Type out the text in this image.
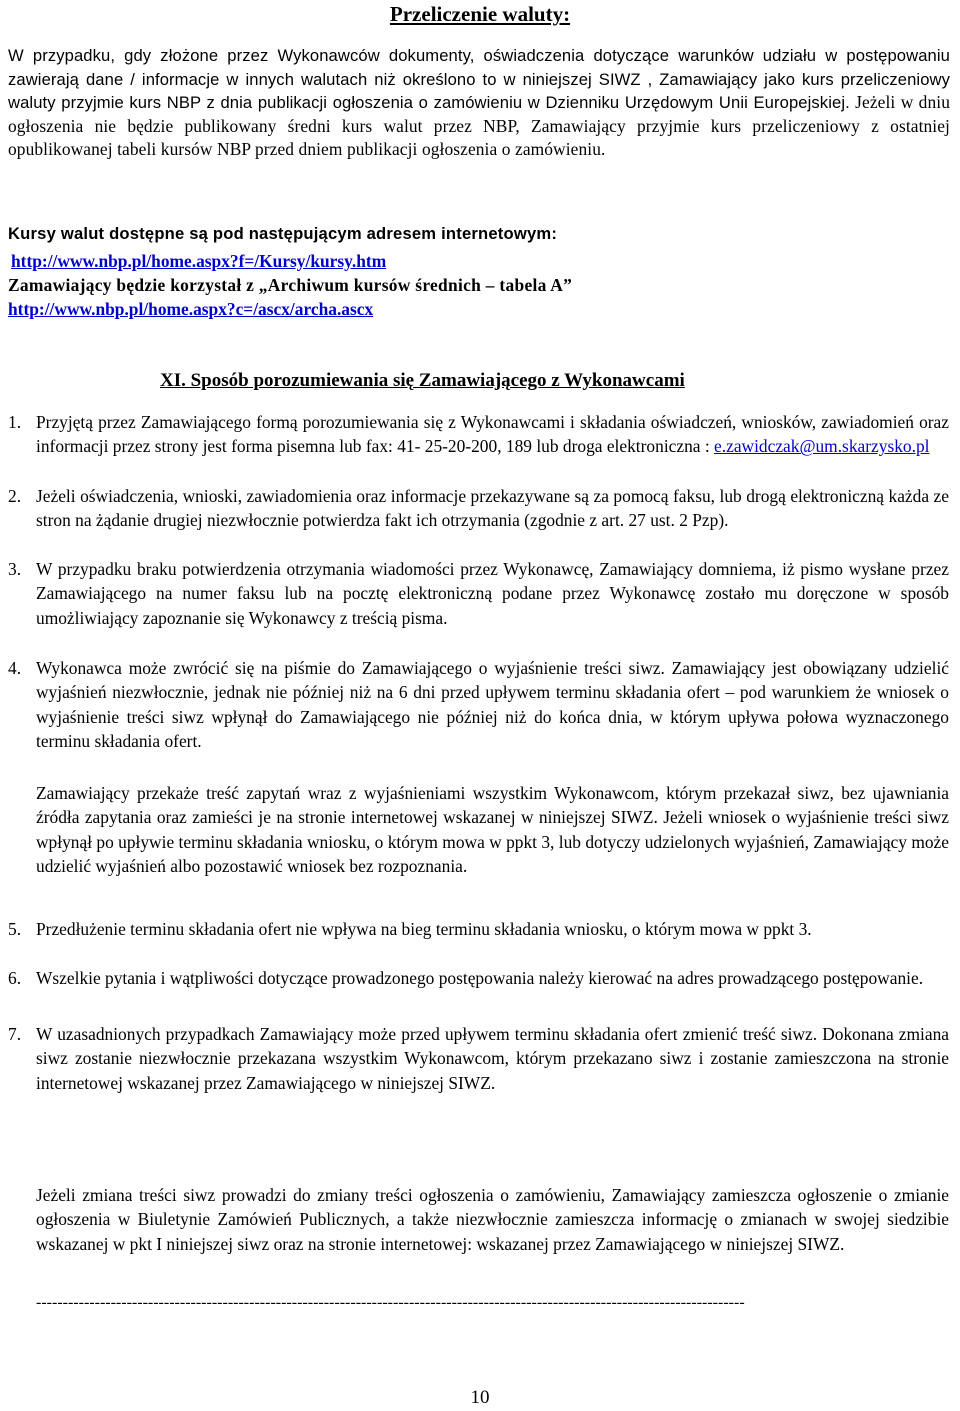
Przeliczenie waluty:
W przypadku, gdy złożone przez Wykonawców dokumenty, oświadczenia dotyczące warunków udziału w postępowaniu zawierają dane / informacje w innych walutach niż określono to w niniejszej SIWZ , Zamawiający jako kurs przeliczeniowy waluty przyjmie kurs NBP z dnia publikacji ogłoszenia o zamówieniu w Dzienniku Urzędowym Unii Europejskiej. Jeżeli w dniu ogłoszenia nie będzie publikowany średni kurs walut przez NBP, Zamawiający przyjmie kurs przeliczeniowy z ostatniej opublikowanej tabeli kursów NBP przed dniem publikacji ogłoszenia o zamówieniu.
Kursy walut dostępne są pod następującym adresem internetowym:
http://www.nbp.pl/home.aspx?f=/Kursy/kursy.htm
Zamawiający będzie korzystał z „Archiwum kursów średnich – tabela A”
http://www.nbp.pl/home.aspx?c=/ascx/archa.ascx
XI. Sposób porozumiewania się Zamawiającego z Wykonawcami
1. Przyjętą przez Zamawiającego formą porozumiewania się z Wykonawcami i składania oświadczeń, wniosków, zawiadomień oraz informacji przez strony jest forma pisemna lub fax: 41- 25-20-200, 189 lub droga elektroniczna : e.zawidczak@um.skarzysko.pl
2. Jeżeli oświadczenia, wnioski, zawiadomienia oraz informacje przekazywane są za pomocą faksu, lub drogą elektroniczną każda ze stron na żądanie drugiej niezwłocznie potwierdza fakt ich otrzymania (zgodnie z art. 27 ust. 2 Pzp).
3. W przypadku braku potwierdzenia otrzymania wiadomości przez Wykonawcę, Zamawiający domniema, iż pismo wysłane przez Zamawiającego na numer faksu lub na pocztę elektroniczną podane przez Wykonawcę zostało mu doręczone w sposób umożliwiający zapoznanie się Wykonawcy z treścią pisma.
4. Wykonawca może zwrócić się na piśmie do Zamawiającego o wyjaśnienie treści siwz. Zamawiający jest obowiązany udzielić wyjaśnień niezwłocznie, jednak nie później niż na 6 dni przed upływem terminu składania ofert – pod warunkiem że wniosek o wyjaśnienie treści siwz wpłynął do Zamawiającego nie później niż do końca dnia, w którym upływa połowa wyznaczonego terminu składania ofert.
Zamawiający przekaże treść zapytań wraz z wyjaśnieniami wszystkim Wykonawcom, którym przekazał siwz, bez ujawniania źródła zapytania oraz zamieści je na stronie internetowej wskazanej w niniejszej SIWZ. Jeżeli wniosek o wyjaśnienie treści siwz wpłynął po upływie terminu składania wniosku, o którym mowa w ppkt 3, lub dotyczy udzielonych wyjaśnień, Zamawiający może udzielić wyjaśnień albo pozostawić wniosek bez rozpoznania.
5. Przedłużenie terminu składania ofert nie wpływa na bieg terminu składania wniosku, o którym mowa w ppkt 3.
6. Wszelkie pytania i wątpliwości dotyczące prowadzonego postępowania należy kierować na adres prowadzącego postępowanie.
7. W uzasadnionych przypadkach Zamawiający może przed upływem terminu składania ofert zmienić treść siwz. Dokonana zmiana siwz zostanie niezwłocznie przekazana wszystkim Wykonawcom, którym przekazano siwz i zostanie zamieszczona na stronie internetowej wskazanej przez Zamawiającego w niniejszej SIWZ.
Jeżeli zmiana treści siwz prowadzi do zmiany treści ogłoszenia o zamówieniu, Zamawiający zamieszcza ogłoszenie o zmianie ogłoszenia w Biuletynie Zamówień Publicznych, a także niezwłocznie zamieszcza informację o zmianach w swojej siedzibie wskazanej w pkt I niniejszej siwz oraz na stronie internetowej: wskazanej przez Zamawiającego w niniejszej SIWZ.
-------------------------------------------------------------------------------------------------------------------------------------
10
